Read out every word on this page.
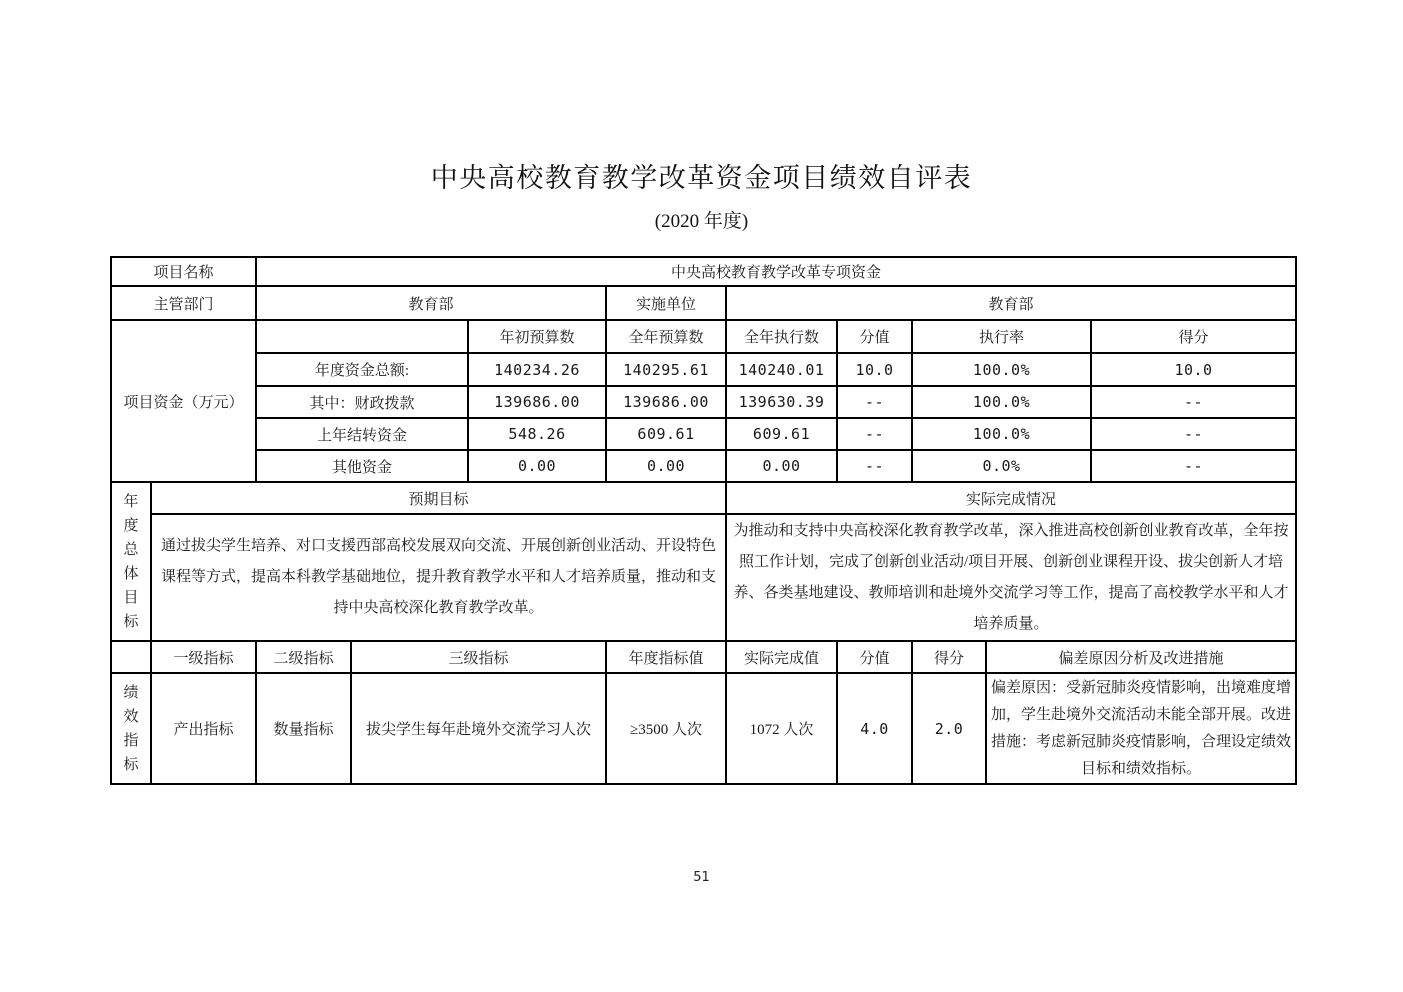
中央高校教育教学改革资金项目绩效自评表
(2020 年度)
项目名称		中央高校教育教学改革专项资金								
主管部门		教育部			实施单位	教育部				
项目资金（万元）				年初预算数	全年预算数	全年执行数	分值	执行率		得分
		年度资金总额:		140234.26	140295.61	140240.01	10.0	100.0%		10.0
		其中：财政拨款		139686.00	139686.00	139630.39	--	100.0%		--
		上年结转资金		548.26	609.61	609.61	--	100.0%		--
		其他资金		0.00	0.00	0.00	--	0.0%		--

年度总体目标	预期目标					实际完成情况				
	通过拔尖学生培养、对口支援西部高校发展双向交流、开展创新创业活动、开设特色课程等方式，提高本科教学基础地位，提升教育教学水平和人才培养质量，推动和支持中央高校深化教育教学改革。					为推动和支持中央高校深化教育教学改革，深入推进高校创新创业教育改革，全年按照工作计划，完成了创新创业活动/项目开展、创新创业课程开设、拔尖创新人才培养、各类基地建设、教师培训和赴境外交流学习等工作，提高了高校教学水平和人才培养质量。				
	一级指标	二级指标	三级指标		年度指标值	实际完成值	分值	得分	偏差原因分析及改进措施	

绩效指标	产出指标	数量指标	拔尖学生每年赴境外交流学习人次		≥3500 人次	1072 人次	4.0	2.0	偏差原因：受新冠肺炎疫情影响，出境难度增加，学生赴境外交流活动未能全部开展。改进措施：考虑新冠肺炎疫情影响，合理设定绩效目标和绩效指标。	
51
